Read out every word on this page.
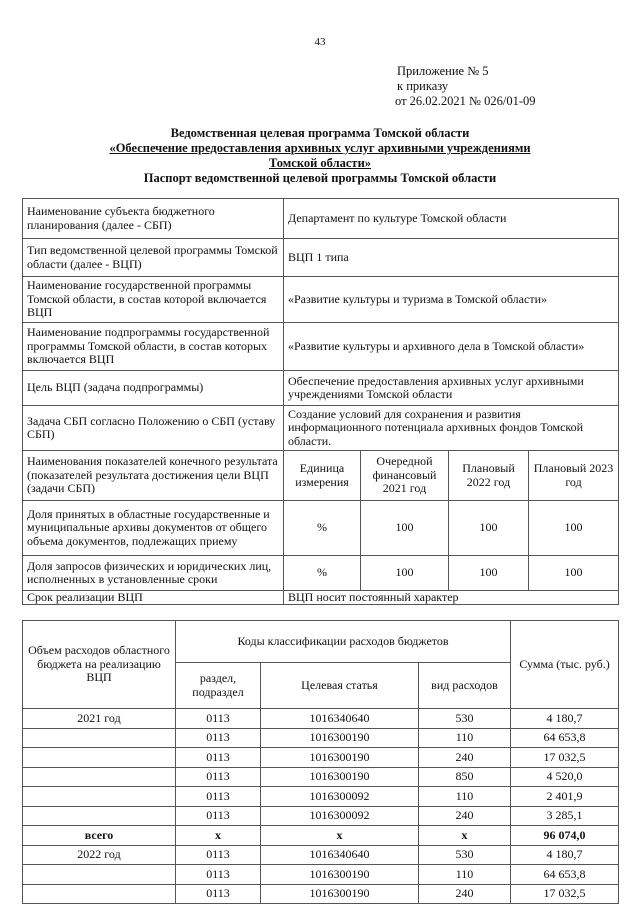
43
Приложение № 5
к приказу
от 26.02.2021 № 026/01-09
Ведомственная целевая программа Томской области
«Обеспечение предоставления архивных услуг архивными учреждениями
Томской области»
Паспорт ведомственной целевой программы Томской области
Наименование субъекта бюджетного планирования (далее - СБП)	Департамент по культуре Томской области			
Тип ведомственной целевой программы Томской области (далее - ВЦП)	ВЦП 1 типа			
Наименование государственной программы Томской области, в состав которой включается ВЦП	«Развитие культуры и туризма в Томской области»			
Наименование подпрограммы государственной программы Томской области, в состав которых включается ВЦП	«Развитие культуры и архивного дела в Томской области»			
Цель ВЦП (задача подпрограммы)	Обеспечение предоставления архивных услуг архивными учреждениями Томской области			
Задача СБП согласно Положению о СБП (уставу СБП)	Создание условий для сохранения и развития информационного потенциала архивных фондов Томской области.			
Наименования показателей конечного результата (показателей результата достижения цели ВЦП (задачи СБП)	Единица измерения	Очередной финансовый 2021 год	Плановый 2022 год	Плановый 2023 год
Доля принятых в областные государственные и муниципальные архивы документов от общего объема документов, подлежащих приему	%	100	100	100
Доля запросов физических и юридических лиц, исполненных в установленные сроки	%	100	100	100
Срок реализации ВЦП	ВЦП носит постоянный характер			
Объем расходов областного бюджета на реализацию ВЦП	Коды классификации расходов бюджетов			Сумма (тыс. руб.)
	раздел, подраздел	Целевая статья	вид расходов	
2021 год	0113	1016340640	530	4 180,7
	0113	1016300190	110	64 653,8
	0113	1016300190	240	17 032,5
	0113	1016300190	850	4 520,0
	0113	1016300092	110	2 401,9
	0113	1016300092	240	3 285,1
всего	х	х	х	96 074,0
2022 год	0113	1016340640	530	4 180,7
	0113	1016300190	110	64 653,8
	0113	1016300190	240	17 032,5
